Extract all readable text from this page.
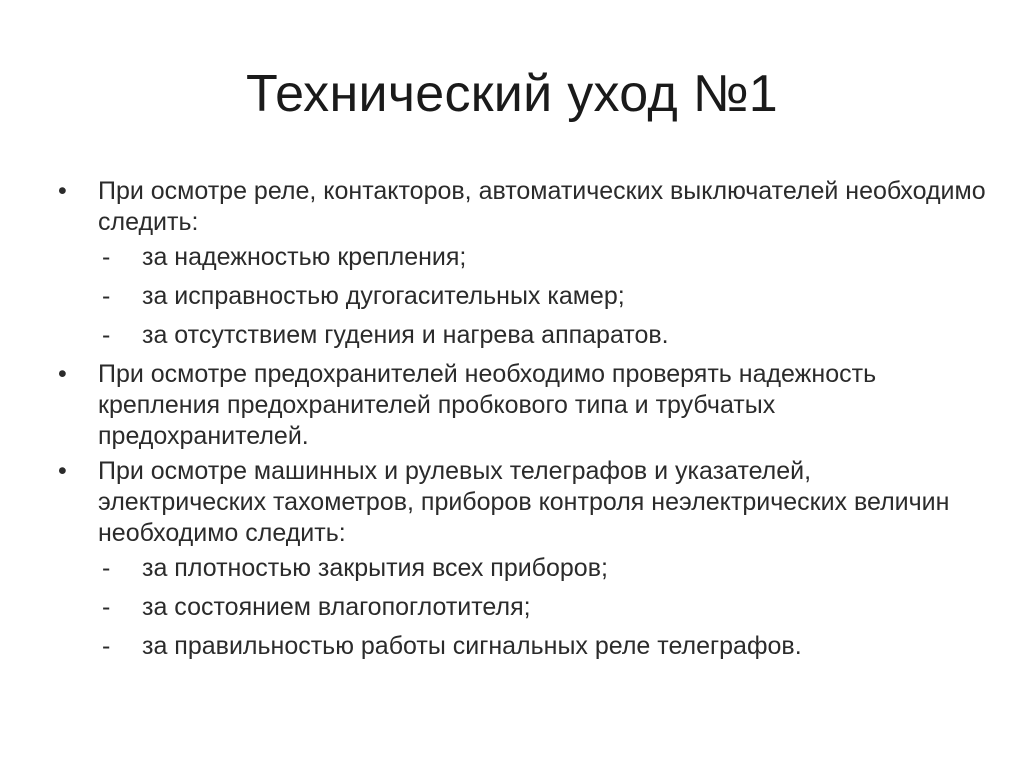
Технический уход №1
• При осмотре реле, контакторов, автоматических выключателей необходимо следить:
- за надежностью крепления;
- за исправностью дугогасительных камер;
- за отсутствием гудения и нагрева аппаратов.
• При осмотре предохранителей необходимо проверять надежность крепления предохранителей пробкового типа и трубчатых предохранителей.
• При осмотре машинных и рулевых телеграфов и указателей, электрических тахометров, приборов контроля неэлектрических величин необходимо следить:
- за плотностью закрытия всех приборов;
- за состоянием влагопоглотителя;
- за правильностью работы сигнальных реле телеграфов.
